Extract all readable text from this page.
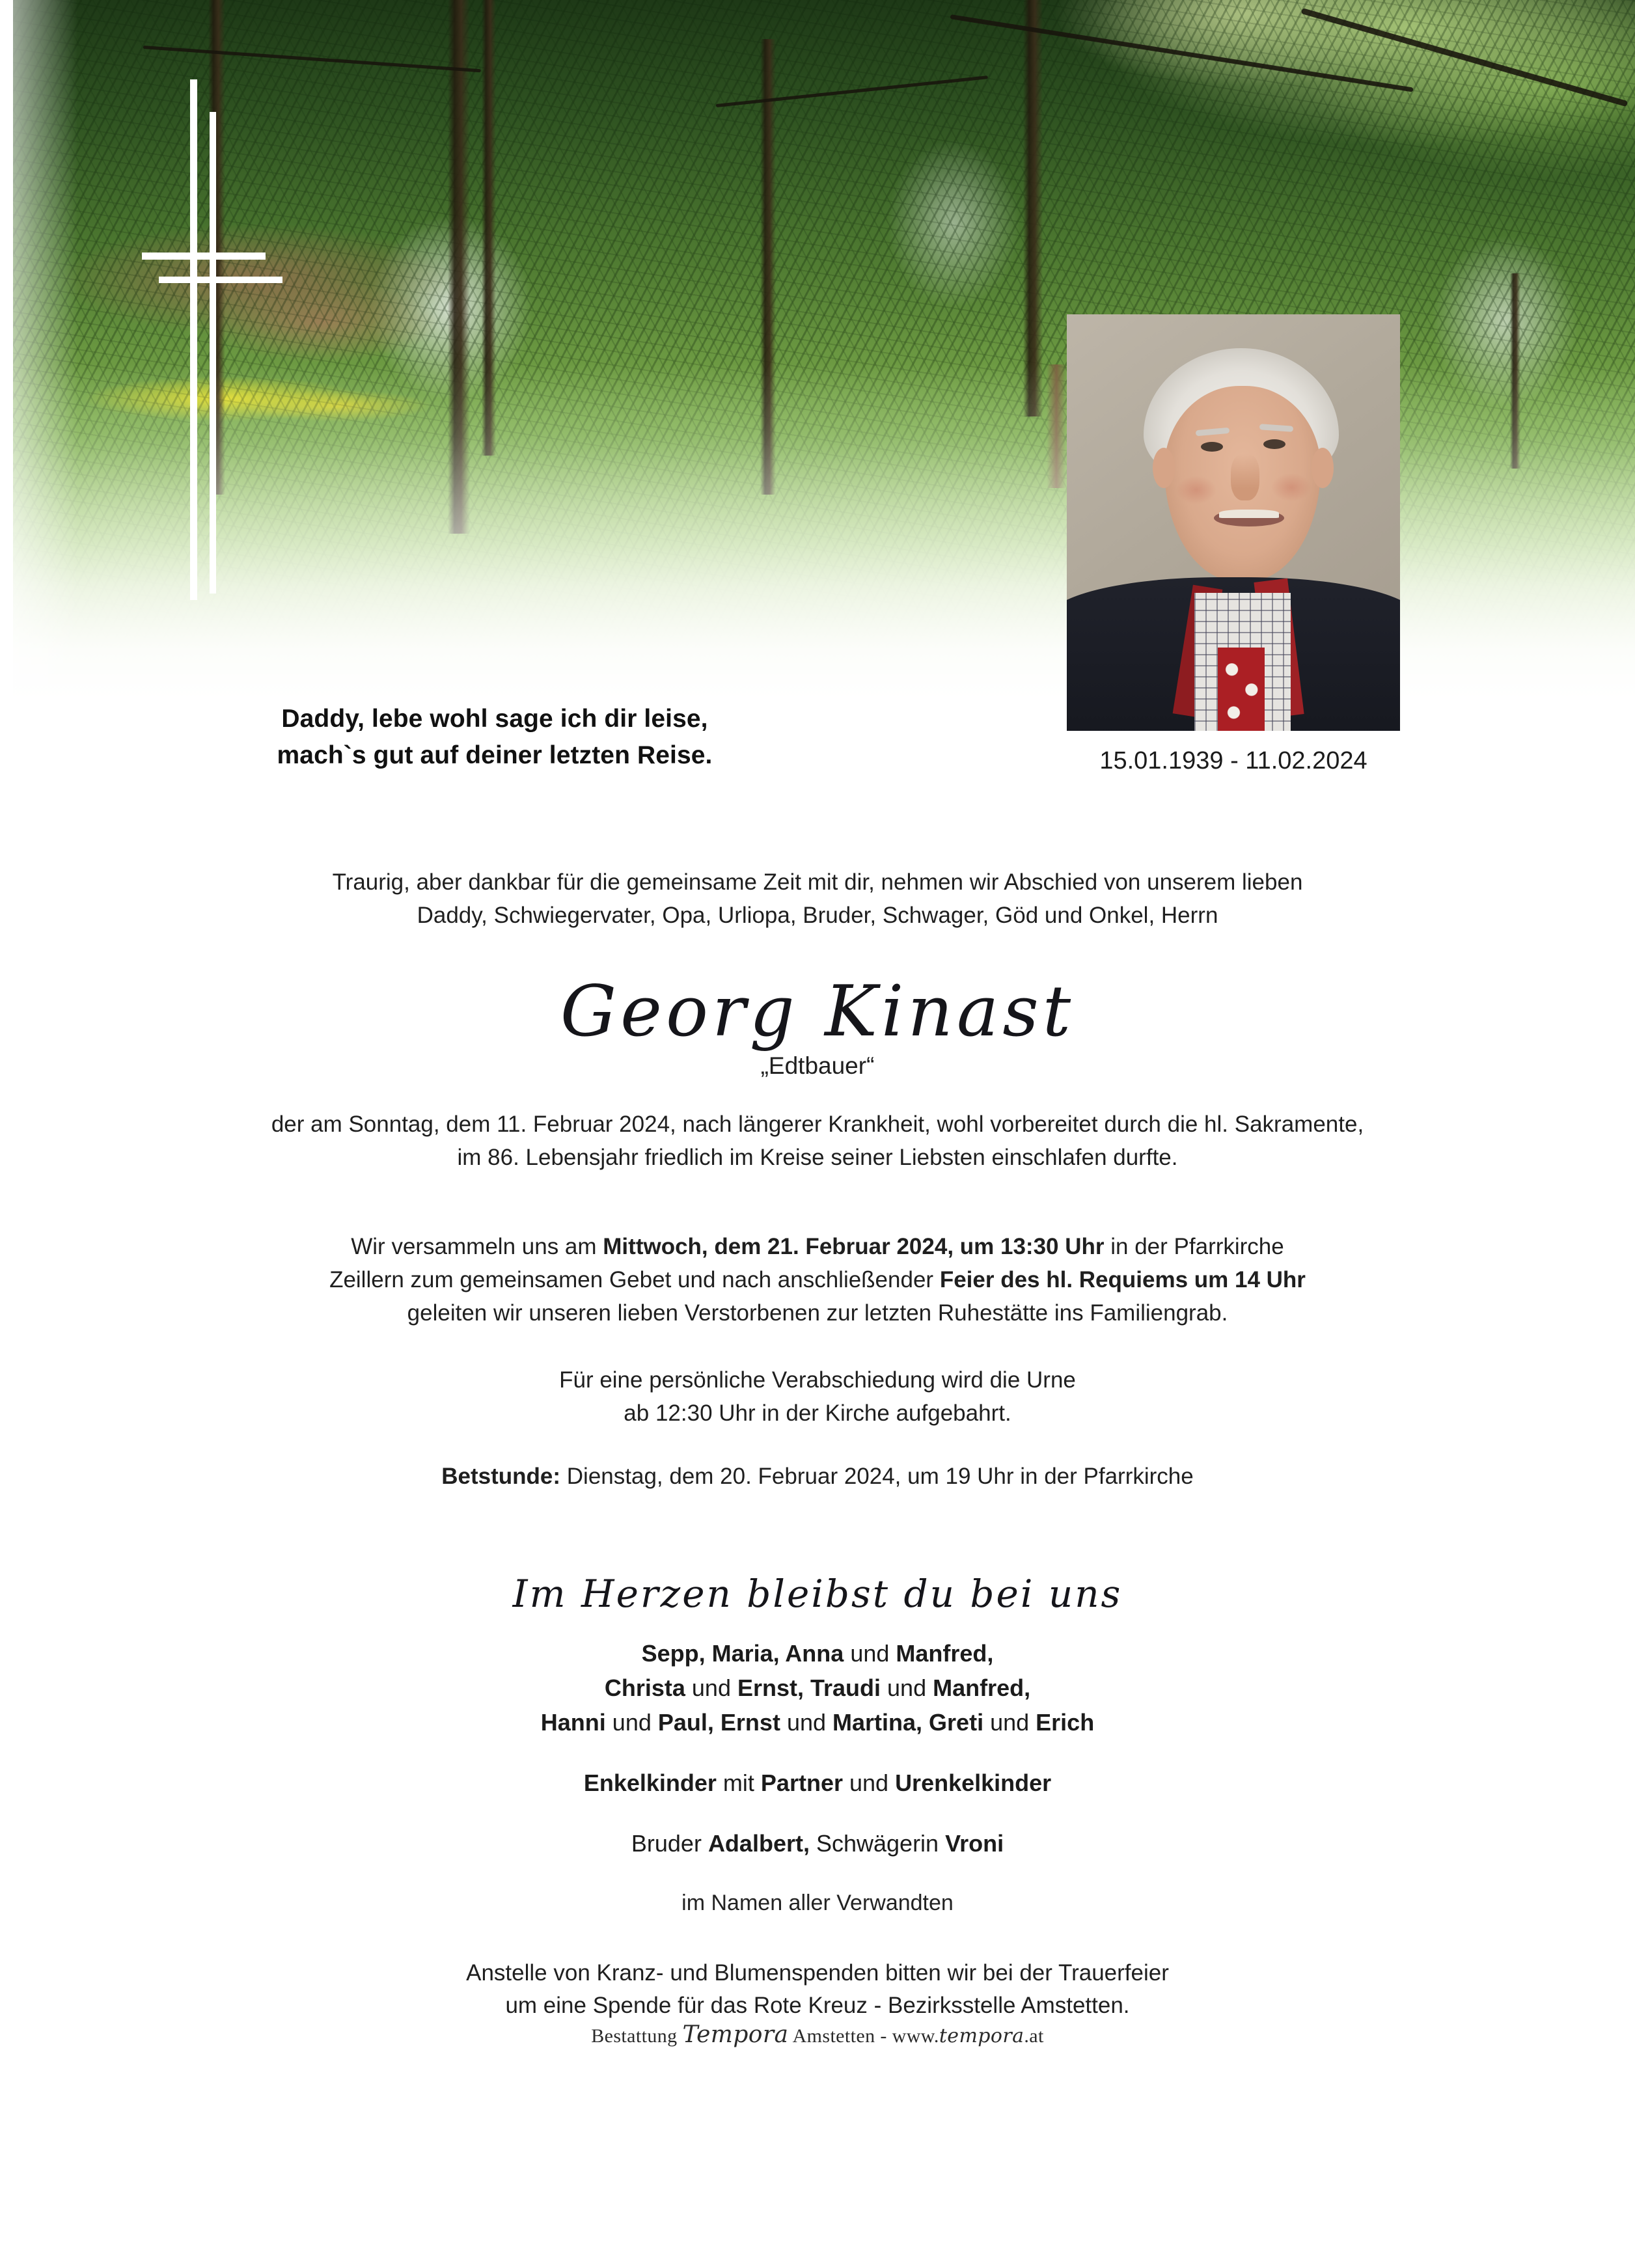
Daddy, lebe wohl sage ich dir leise,
mach`s gut auf deiner letzten Reise.	15.01.1939 - 11.02.2024
Traurig, aber dankbar für die gemeinsame Zeit mit dir, nehmen wir Abschied von unserem lieben
Daddy, Schwiegervater, Opa, Urliopa, Bruder, Schwager, Göd und Onkel, Herrn
Georg Kinast
„Edtbauer“
der am Sonntag, dem 11. Februar 2024, nach längerer Krankheit, wohl vorbereitet durch die hl. Sakramente,
im 86. Lebensjahr friedlich im Kreise seiner Liebsten einschlafen durfte.
Wir versammeln uns am Mittwoch, dem 21. Februar 2024, um 13:30 Uhr in der Pfarrkirche
Zeillern zum gemeinsamen Gebet und nach anschließender Feier des hl. Requiems um 14 Uhr
geleiten wir unseren lieben Verstorbenen zur letzten Ruhestätte ins Familiengrab.
Für eine persönliche Verabschiedung wird die Urne
ab 12:30 Uhr in der Kirche aufgebahrt.
Betstunde: Dienstag, dem 20. Februar 2024, um 19 Uhr in der Pfarrkirche
Im Herzen bleibst du bei uns
Sepp, Maria, Anna und Manfred,
Christa und Ernst, Traudi und Manfred,
Hanni und Paul, Ernst und Martina, Greti und Erich
Enkelkinder mit Partner und Urenkelkinder
Bruder Adalbert, Schwägerin Vroni
im Namen aller Verwandten
Anstelle von Kranz- und Blumenspenden bitten wir bei der Trauerfeier
um eine Spende für das Rote Kreuz - Bezirksstelle Amstetten.
Bestattung Tempora Amstetten - www.tempora.at
